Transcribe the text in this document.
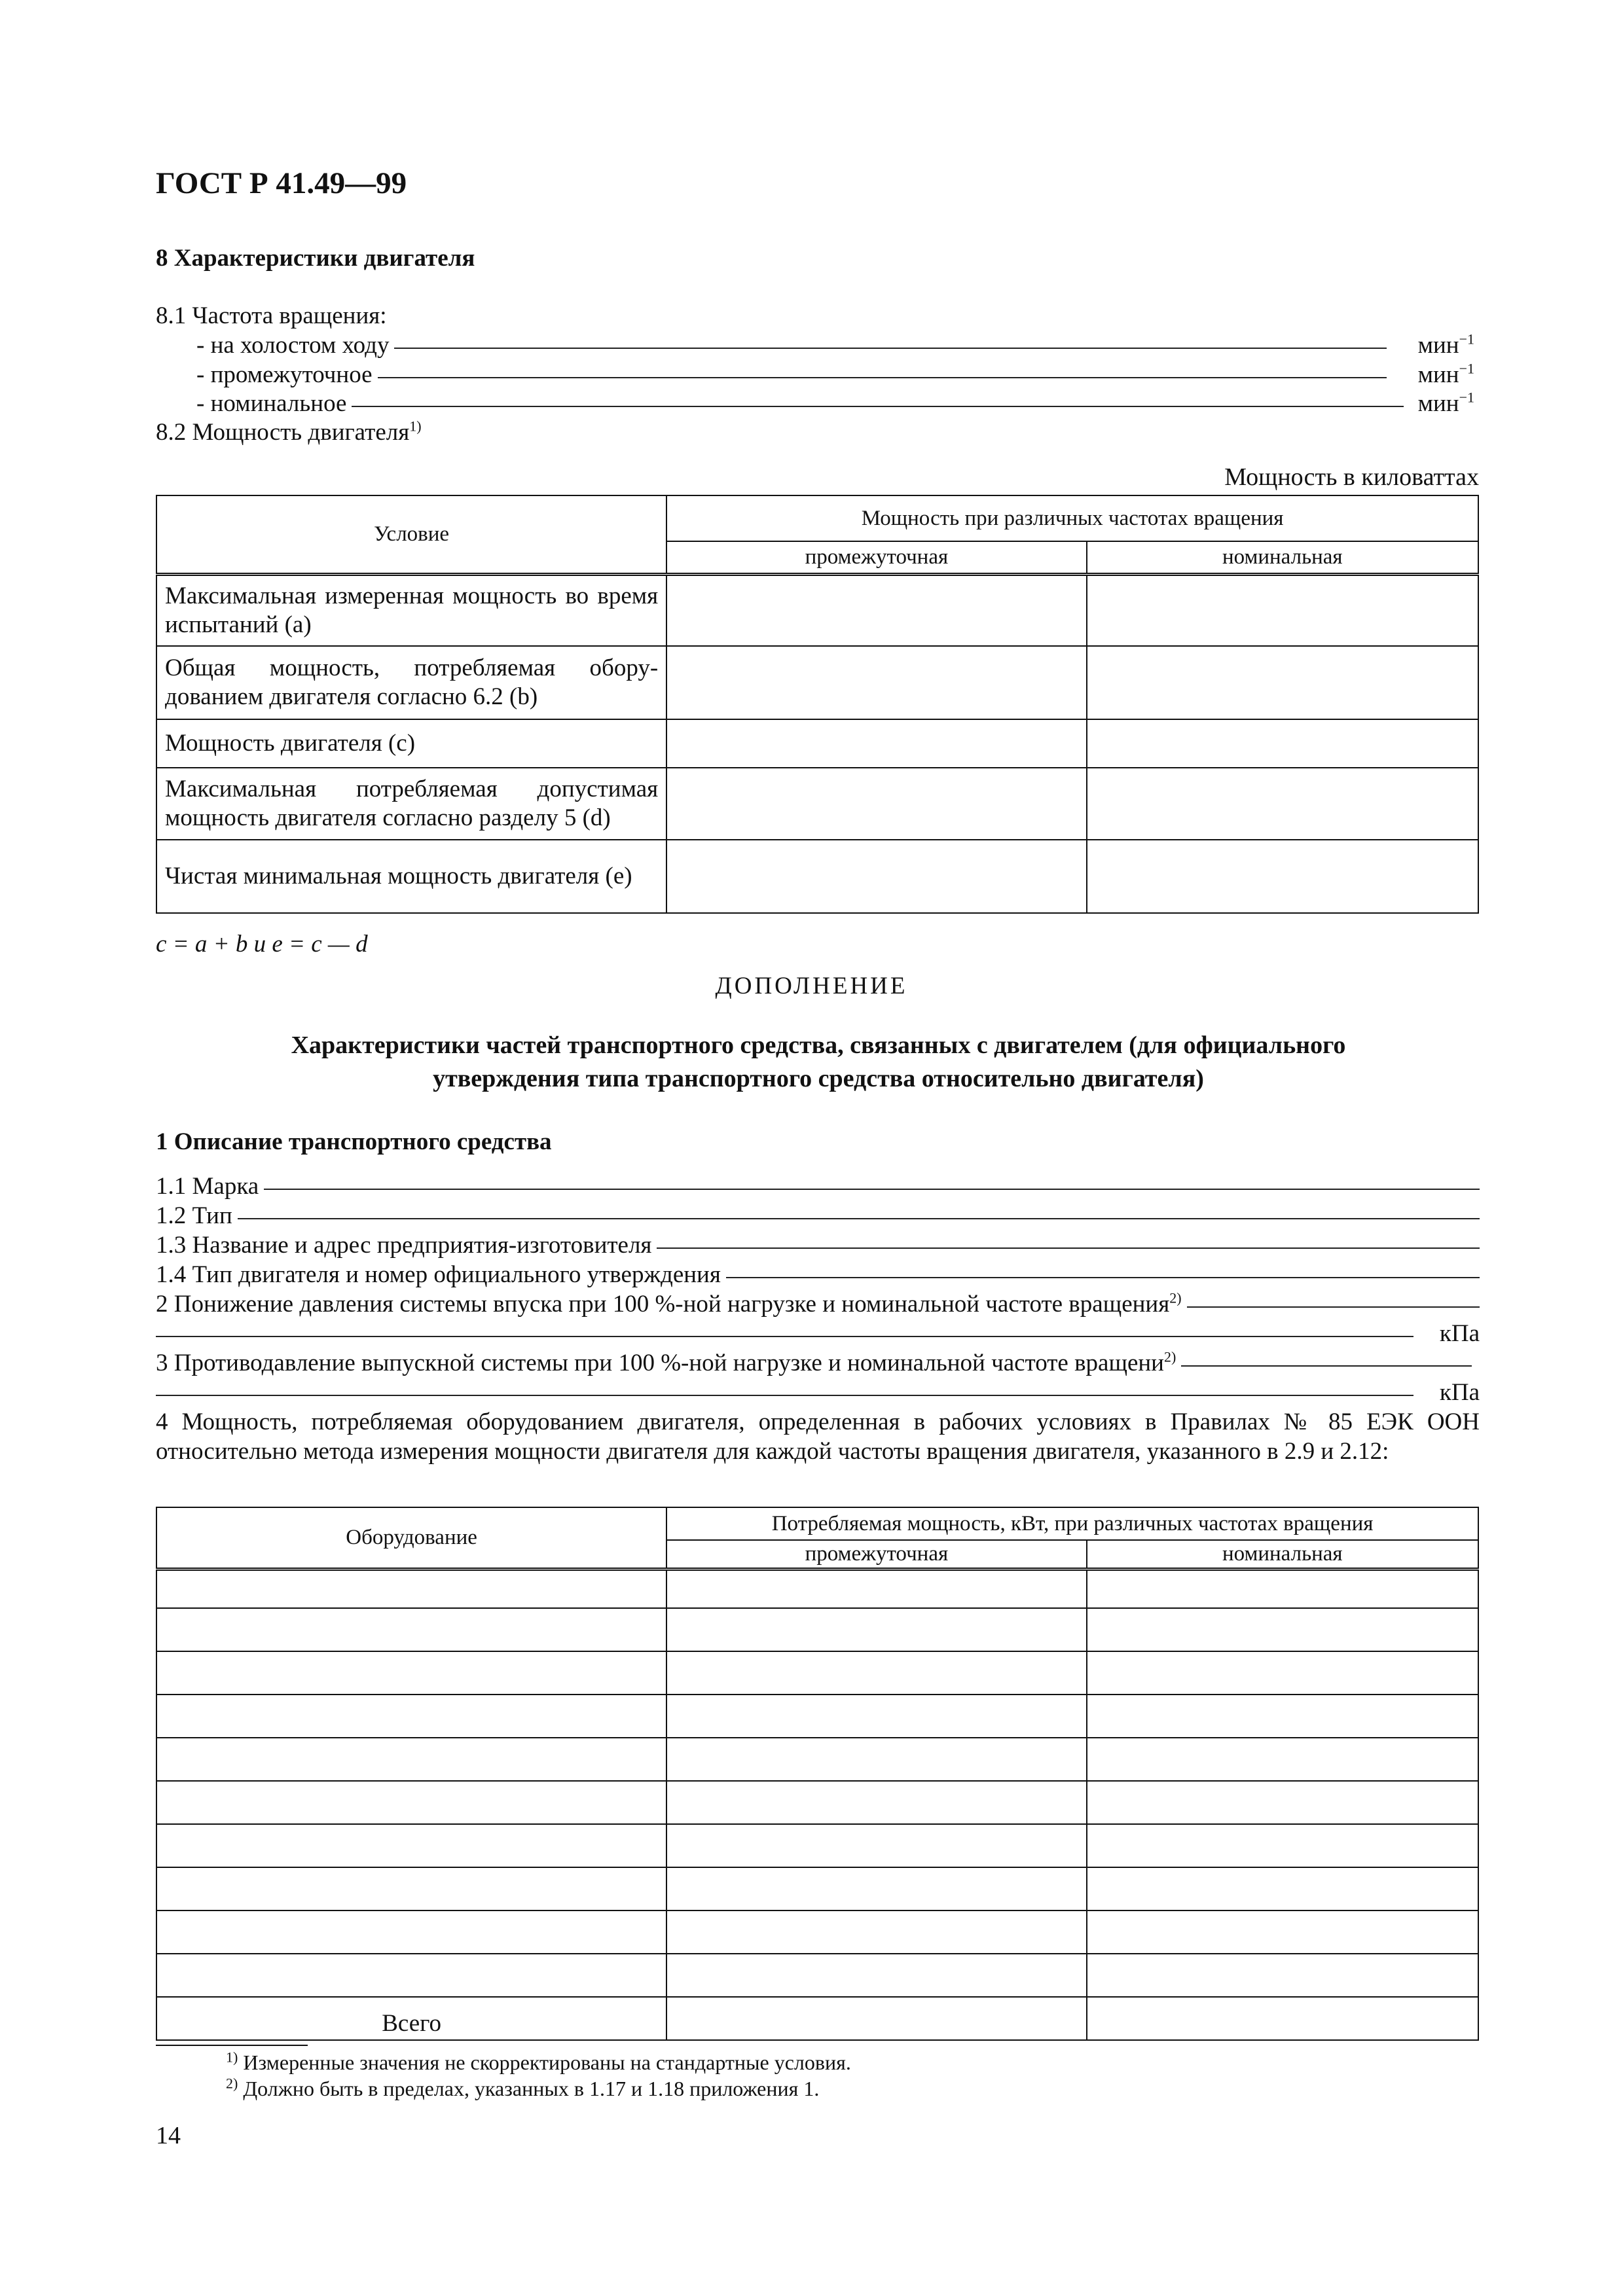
ГОСТ Р 41.49—99
8 Характеристики двигателя
8.1 Частота вращения:
- на холостом ходу	мин$^{-1}$
- промежуточное	мин$^{-1}$
- номинальное	мин$^{-1}$
8.2 Мощность двигателя$^{1)}$
Мощность в киловаттах
Условие	Мощность при различных частотах вращения	
	промежуточная	номинальная
Максимальная измеренная мощность во время испытаний (a)		
Общая мощность, потребляемая оборудованием двигателя согласно 6.2 (b)		
Мощность двигателя (c)		
Максимальная потребляемая допустимая мощность двигателя согласно разделу 5 (d)		
Чистая минимальная мощность двигателя (e)		
c = a + b и e = c — d
ДОПОЛНЕНИЕ
Характеристики частей транспортного средства, связанных с двигателем (для официального утверждения типа транспортного средства относительно двигателя)
1 Описание транспортного средства
1.1 Марка
1.2 Тип
1.3 Название и адрес предприятия-изготовителя
1.4 Тип двигателя и номер официального утверждения
2 Понижение давления системы впуска при 100 %-ной нагрузке и номинальной частоте вращения$^{2)}$
кПа
3 Противодавление выпускной системы при 100 %-ной нагрузке и номинальной частоте вращени$^{2)}$
кПа
4 Мощность, потребляемая оборудованием двигателя, определенная в рабочих условиях в Правилах № 85 ЕЭК ООН относительно метода измерения мощности двигателя для каждой частоты вращения двигателя, указанного в 2.9 и 2.12:
Оборудование	Потребляемая мощность, кВт, при различных частотах вращения	
	промежуточная	номинальная

Всего		
$^{1)}$ Измеренные значения не скорректированы на стандартные условия.
$^{2)}$ Должно быть в пределах, указанных в 1.17 и 1.18 приложения 1.
14
